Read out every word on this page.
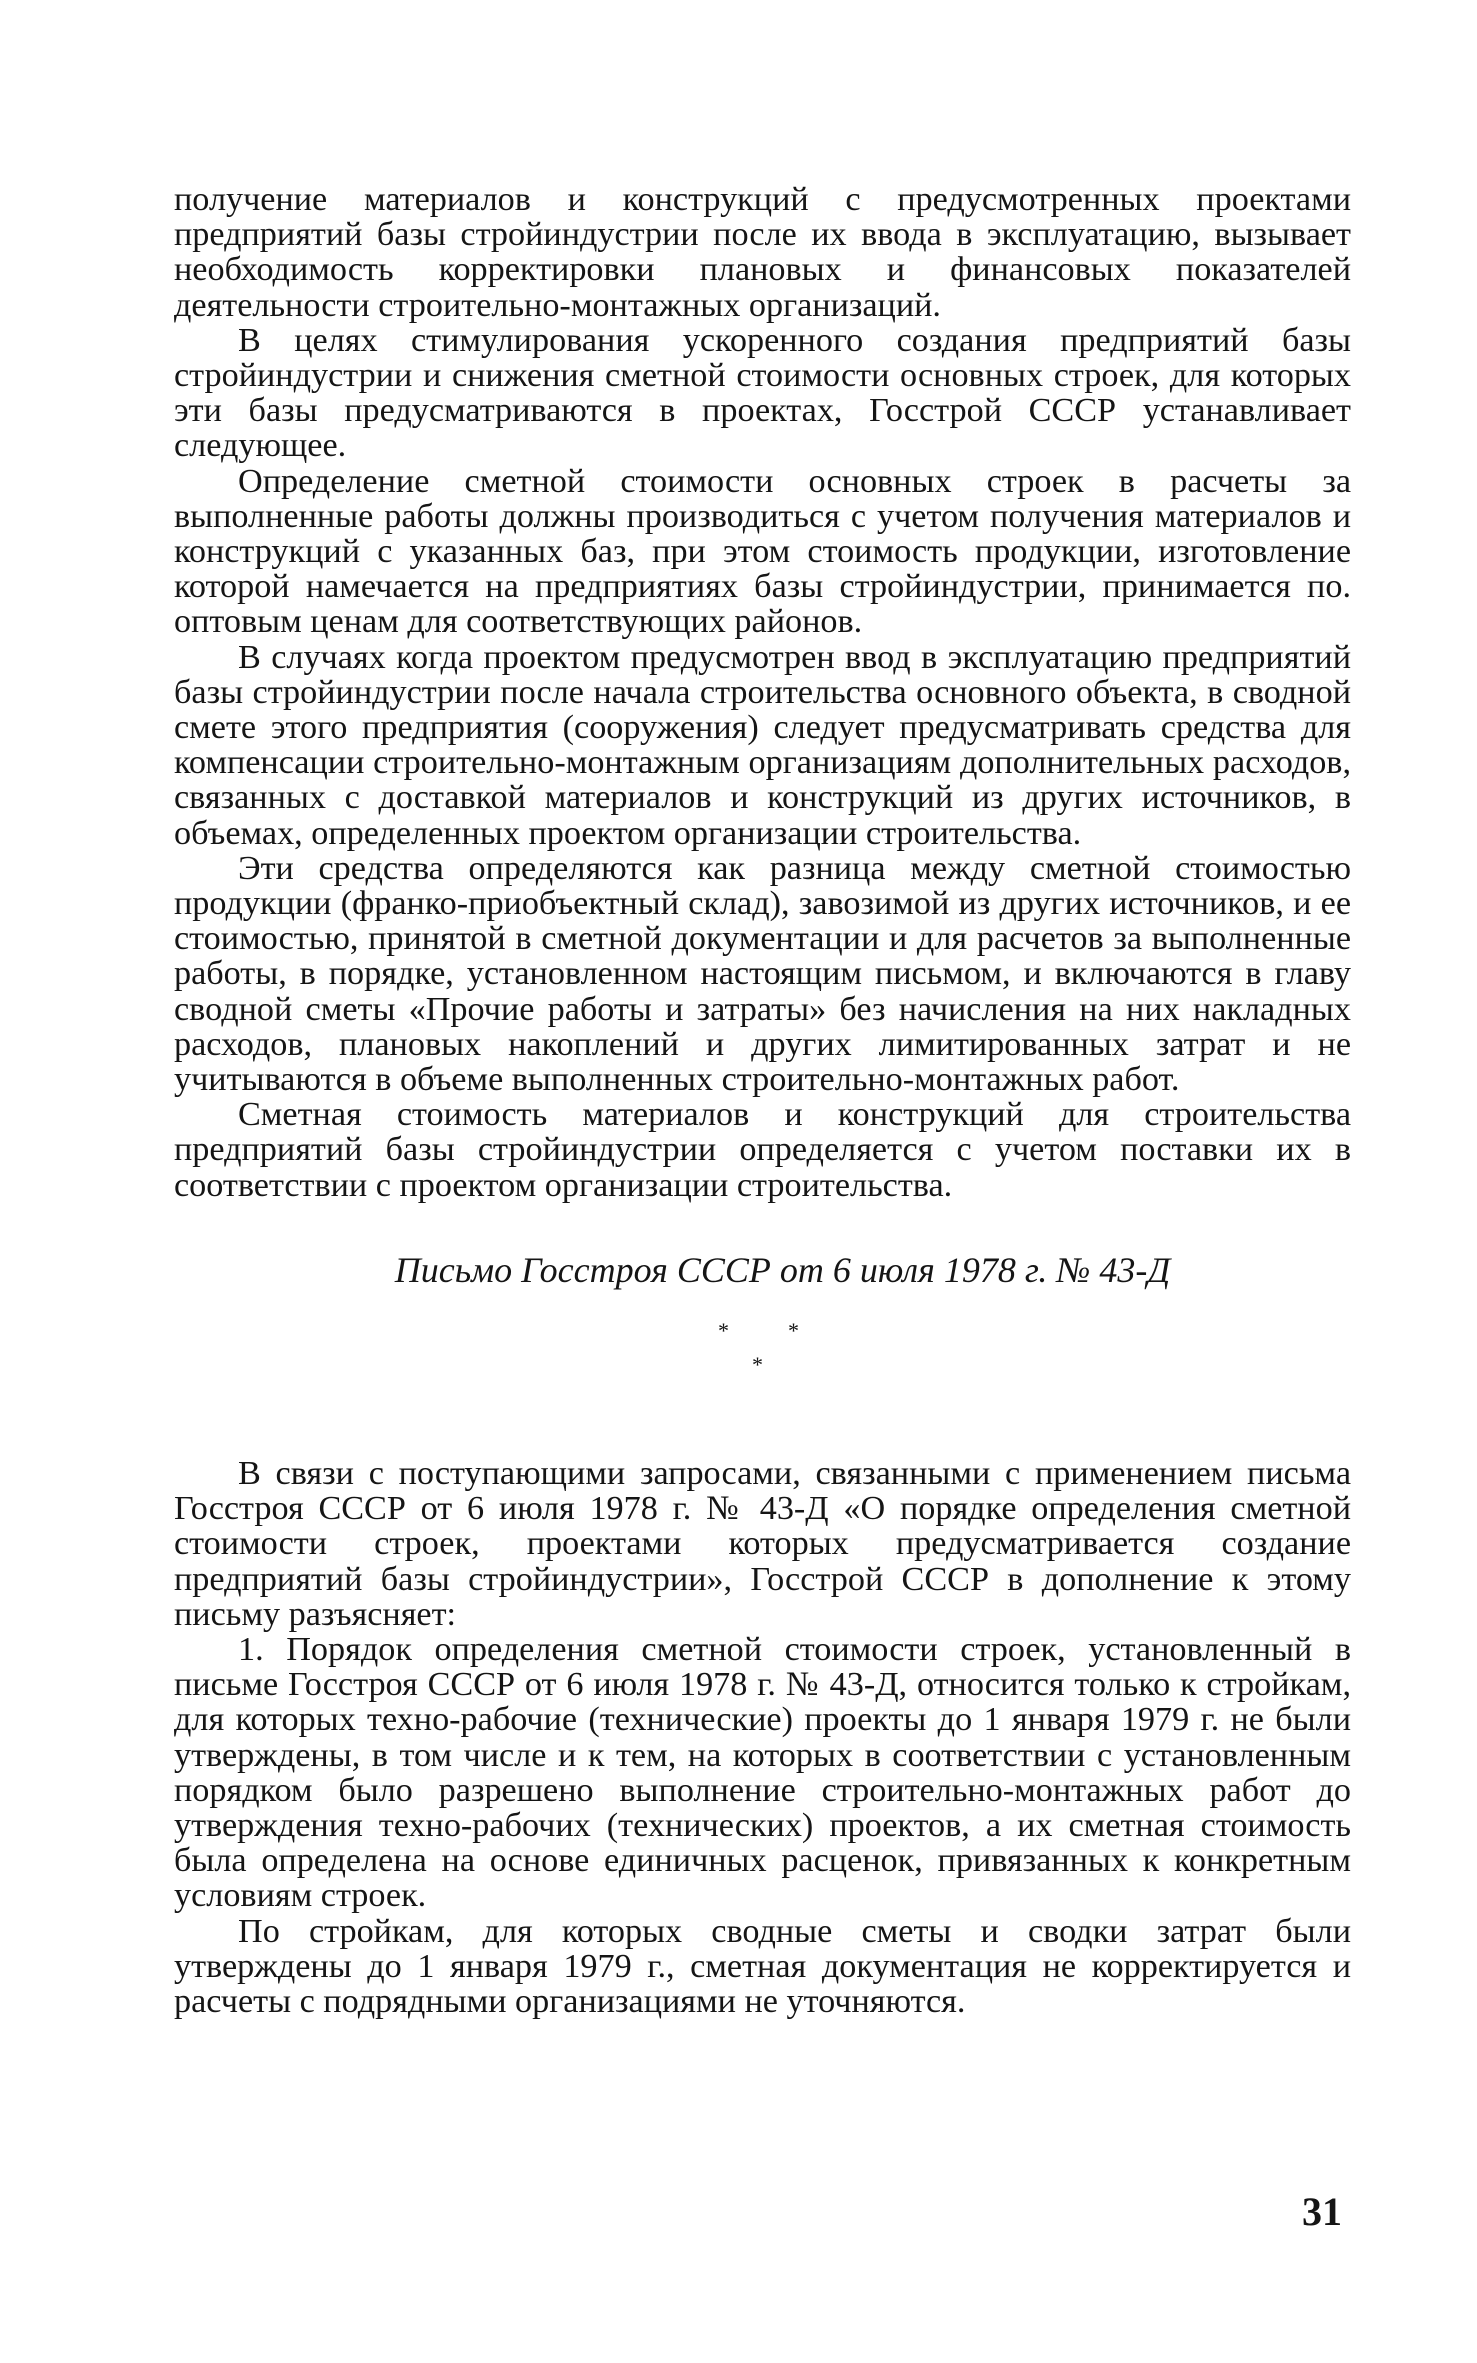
получение материалов и конструкций с предусмотренных проектами предприятий базы стройиндустрии после их ввода в эксплуатацию, вызывает необходимость корректировки плановых и финансовых показателей деятельности строительно-монтажных организаций.

В целях стимулирования ускоренного создания предприятий базы стройиндустрии и снижения сметной стоимости основных строек, для которых эти базы предусматриваются в проектах, Госстрой СССР устанавливает следующее.

Определение сметной стоимости основных строек в расчеты за выполненные работы должны производиться с учетом получения материалов и конструкций с указанных баз, при этом стоимость продукции, изготовление которой намечается на предприятиях базы стройиндустрии, принимается по. оптовым ценам для соответствующих районов.

В случаях когда проектом предусмотрен ввод в эксплуатацию предприятий базы стройиндустрии после начала строительства основного объекта, в сводной смете этого предприятия (сооружения) следует предусматривать средства для компенсации строительно-монтажным организациям дополнительных расходов, связанных с доставкой материалов и конструкций из других источников, в объемах, определенных проектом организации строительства.

Эти средства определяются как разница между сметной стоимостью продукции (франко-приобъектный склад), завозимой из других источников, и ее стоимостью, принятой в сметной документации и для расчетов за выполненные работы, в порядке, установленном настоящим письмом, и включаются в главу сводной сметы «Прочие работы и затраты» без начисления на них накладных расходов, плановых накоплений и других лимитированных затрат и не учитываются в объеме выполненных строительно-монтажных работ.

Сметная стоимость материалов и конструкций для строительства предприятий базы стройиндустрии определяется с учетом поставки их в соответствии с проектом организации строительства.

Письмо Госстроя СССР от 6 июля 1978 г. № 43-Д

*	*
*

В связи с поступающими запросами, связанными с применением письма Госстроя СССР от 6 июля 1978 г. № 43-Д «О порядке определения сметной стоимости строек, проектами которых предусматривается создание предприятий базы стройиндустрии», Госстрой СССР в дополнение к этому письму разъясняет:

1. Порядок определения сметной стоимости строек, установленный в письме Госстроя СССР от 6 июля 1978 г. № 43-Д, относится только к стройкам, для которых техно-рабочие (технические) проекты до 1 января 1979 г. не были утверждены, в том числе и к тем, на которых в соответствии с установленным порядком было разрешено выполнение строительно-монтажных работ до утверждения техно-рабочих (технических) проектов, а их сметная стоимость была определена на основе единичных расценок, привязанных к конкретным условиям строек.

По стройкам, для которых сводные сметы и сводки затрат были утверждены до 1 января 1979 г., сметная документация не корректируется и расчеты с подрядными организациями не уточняются.

31
